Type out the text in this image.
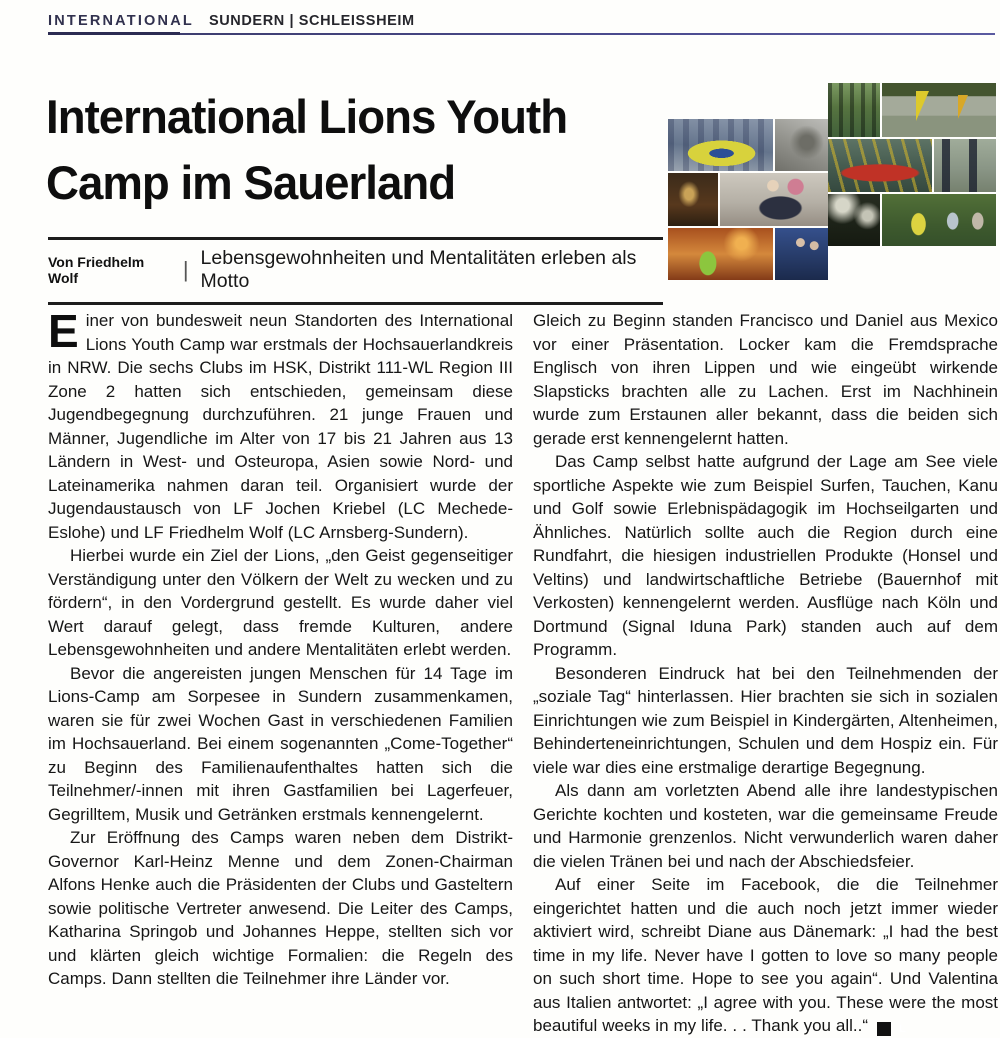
INTERNATIONAL SUNDERN | SCHLEISSHEIM
International Lions Youth
Camp im Sauerland
Von Friedhelm Wolf	| Lebensgewohnheiten und Mentalitäten erleben als Motto

Einer von bundesweit neun Standorten des International Lions Youth Camp war erstmals der Hochsauerlandkreis in NRW. Die sechs Clubs im HSK, Distrikt 111-WL Region III Zone 2 hatten sich entschieden, gemeinsam diese Jugendbegegnung durchzuführen. 21 junge Frauen und Männer, Jugendliche im Alter von 17 bis 21 Jahren aus 13 Ländern in West- und Osteuropa, Asien sowie Nord- und Lateinamerika nahmen daran teil. Organisiert wurde der Jugendaustausch von LF Jochen Kriebel (LC Mechede-Eslohe) und LF Friedhelm Wolf (LC Arnsberg-Sundern).

Hierbei wurde ein Ziel der Lions, „den Geist gegenseitiger Verständigung unter den Völkern der Welt zu wecken und zu fördern“, in den Vordergrund gestellt. Es wurde daher viel Wert darauf gelegt, dass fremde Kulturen, andere Lebensgewohnheiten und andere Mentalitäten erlebt werden.

Bevor die angereisten jungen Menschen für 14 Tage im Lions-Camp am Sorpesee in Sundern zusammenkamen, waren sie für zwei Wochen Gast in verschiedenen Familien im Hochsauerland. Bei einem sogenannten „Come-Together“ zu Beginn des Familienaufenthaltes hatten sich die Teilnehmer/-innen mit ihren Gastfamilien bei Lagerfeuer, Gegrilltem, Musik und Getränken erstmals kennengelernt.

Zur Eröffnung des Camps waren neben dem Distrikt-Governor Karl-Heinz Menne und dem Zonen-Chairman Alfons Henke auch die Präsidenten der Clubs und Gasteltern sowie politische Vertreter anwesend. Die Leiter des Camps, Katharina Springob und Johannes Heppe, stellten sich vor und klärten gleich wichtige Formalien: die Regeln des Camps. Dann stellten die Teilnehmer ihre Länder vor.

Gleich zu Beginn standen Francisco und Daniel aus Mexico vor einer Präsentation. Locker kam die Fremdsprache Englisch von ihren Lippen und wie eingeübt wirkende Slapsticks brachten alle zu Lachen. Erst im Nachhinein wurde zum Erstaunen aller bekannt, dass die beiden sich gerade erst kennengelernt hatten.

Das Camp selbst hatte aufgrund der Lage am See viele sportliche Aspekte wie zum Beispiel Surfen, Tauchen, Kanu und Golf sowie Erlebnispädagogik im Hochseilgarten und Ähnliches. Natürlich sollte auch die Region durch eine Rundfahrt, die hiesigen industriellen Produkte (Honsel und Veltins) und landwirtschaftliche Betriebe (Bauernhof mit Verkosten) kennengelernt werden. Ausflüge nach Köln und Dortmund (Signal Iduna Park) standen auch auf dem Programm.

Besonderen Eindruck hat bei den Teilnehmenden der „soziale Tag“ hinterlassen. Hier brachten sie sich in sozialen Einrichtungen wie zum Beispiel in Kindergärten, Altenheimen, Behinderteneinrichtungen, Schulen und dem Hospiz ein. Für viele war dies eine erstmalige derartige Begegnung.

Als dann am vorletzten Abend alle ihre landestypischen Gerichte kochten und kosteten, war die gemeinsame Freude und Harmonie grenzenlos. Nicht verwunderlich waren daher die vielen Tränen bei und nach der Abschiedsfeier.

Auf einer Seite im Facebook, die die Teilnehmer eingerichtet hatten und die auch noch jetzt immer wieder aktiviert wird, schreibt Diane aus Dänemark: „I had the best time in my life. Never have I gotten to love so many people on such short time. Hope to see you again“. Und Valentina aus Italien antwortet: „I agree with you. These were the most beautiful weeks in my life. . . Thank you all..“	L
